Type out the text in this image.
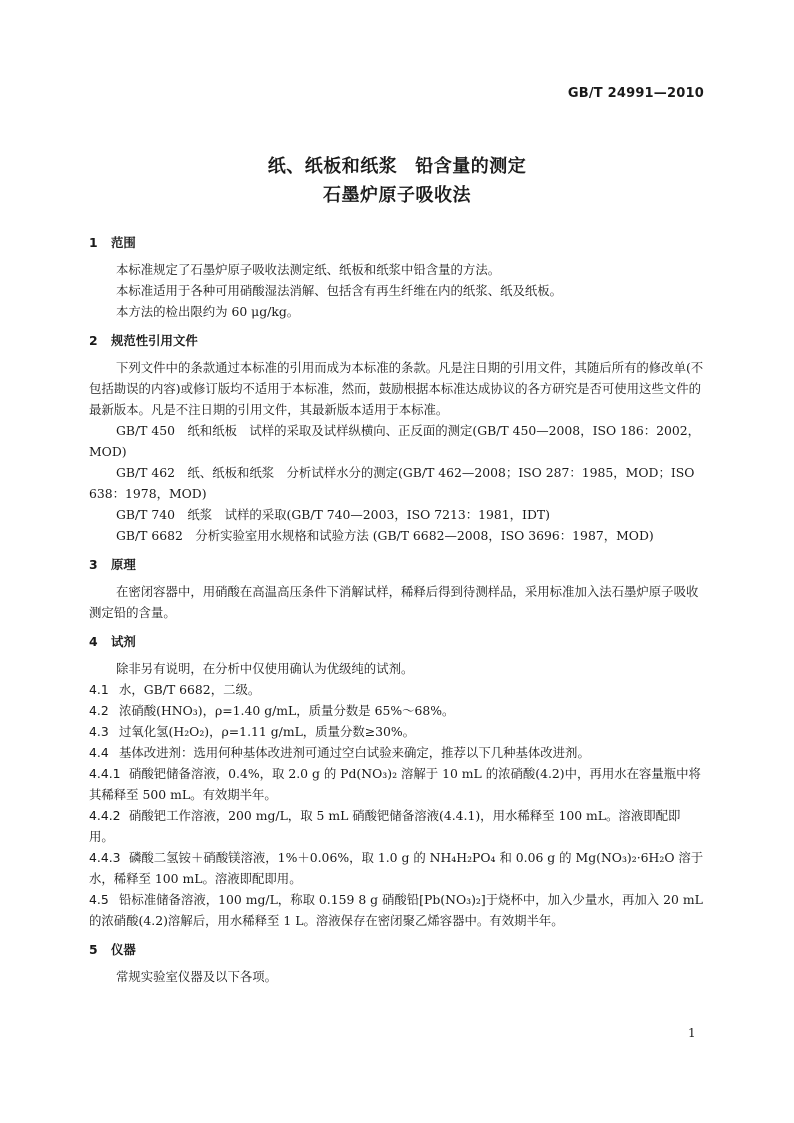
GB/T 24991—2010
纸、纸板和纸浆 铅含量的测定
石墨炉原子吸收法
1 范围

本标准规定了石墨炉原子吸收法测定纸、纸板和纸浆中铅含量的方法。

本标准适用于各种可用硝酸湿法消解、包括含有再生纤维在内的纸浆、纸及纸板。

本方法的检出限约为 60 μg/kg。

2 规范性引用文件

下列文件中的条款通过本标准的引用而成为本标准的条款。凡是注日期的引用文件，其随后所有的修改单(不包括勘误的内容)或修订版均不适用于本标准，然而，鼓励根据本标准达成协议的各方研究是否可使用这些文件的最新版本。凡是不注日期的引用文件，其最新版本适用于本标准。

GB/T 450　纸和纸板　试样的采取及试样纵横向、正反面的测定(GB/T 450—2008，ISO 186：2002，MOD)

GB/T 462　纸、纸板和纸浆　分析试样水分的测定(GB/T 462—2008；ISO 287：1985，MOD；ISO 638：1978，MOD)

GB/T 740　纸浆　试样的采取(GB/T 740—2003，ISO 7213：1981，IDT)

GB/T 6682　分析实验室用水规格和试验方法 (GB/T 6682—2008，ISO 3696：1987，MOD)

3 原理

在密闭容器中，用硝酸在高温高压条件下消解试样，稀释后得到待测样品，采用标准加入法石墨炉原子吸收测定铅的含量。

4 试剂

除非另有说明，在分析中仅使用确认为优级纯的试剂。

4.1 水，GB/T 6682，二级。

4.2 浓硝酸(HNO₃)，ρ=1.40 g/mL，质量分数是 65%～68%。

4.3 过氧化氢(H₂O₂)，ρ=1.11 g/mL，质量分数≥30%。

4.4 基体改进剂：选用何种基体改进剂可通过空白试验来确定，推荐以下几种基体改进剂。

4.4.1 硝酸钯储备溶液，0.4%，取 2.0 g 的 Pd(NO₃)₂ 溶解于 10 mL 的浓硝酸(4.2)中，再用水在容量瓶中将其稀释至 500 mL。有效期半年。

4.4.2 硝酸钯工作溶液，200 mg/L，取 5 mL 硝酸钯储备溶液(4.4.1)，用水稀释至 100 mL。溶液即配即用。

4.4.3 磷酸二氢铵＋硝酸镁溶液，1%＋0.06%，取 1.0 g 的 NH₄H₂PO₄ 和 0.06 g 的 Mg(NO₃)₂·6H₂O 溶于水，稀释至 100 mL。溶液即配即用。

4.5 铅标准储备溶液，100 mg/L，称取 0.159 8 g 硝酸铅[Pb(NO₃)₂]于烧杯中，加入少量水，再加入 20 mL 的浓硝酸(4.2)溶解后，用水稀释至 1 L。溶液保存在密闭聚乙烯容器中。有效期半年。

5 仪器

常规实验室仪器及以下各项。

1
